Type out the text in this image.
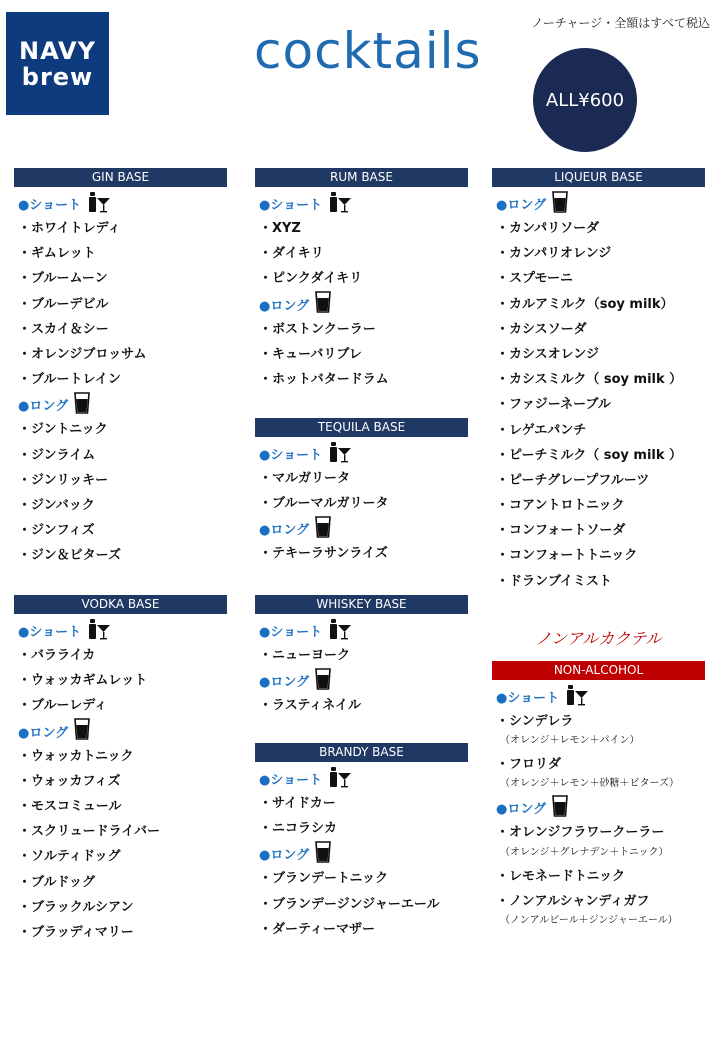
NAVY
brew	cocktails	ノーチャージ・全額はすべて税込
ALL¥600
GIN BASE
●ショート
・ホワイトレディ
・ギムレット
・ブルームーン
・ブルーデビル
・スカイ＆シー
・オレンジブロッサム
・ブルートレイン
●ロング
・ジントニック
・ジンライム
・ジンリッキー
・ジンバック
・ジンフィズ
・ジン＆ビターズ
RUM BASE
●ショート
・XYZ
・ダイキリ
・ピンクダイキリ
●ロング
・ボストンクーラー
・キューバリブレ
・ホットバタードラム
LIQUEUR BASE
●ロング
・カンパリソーダ
・カンパリオレンジ
・スプモーニ
・カルアミルク（soy milk）
・カシスソーダ
・カシスオレンジ
・カシスミルク（ soy milk ）
・ファジーネーブル
・レゲエパンチ
・ピーチミルク（ soy milk ）
・ピーチグレープフルーツ
・コアントロトニック
・コンフォートソーダ
・コンフォートトニック
・ドランブイミスト
TEQUILA BASE
●ショート
・マルガリータ
・ブルーマルガリータ
●ロング
・テキーラサンライズ
VODKA BASE
●ショート
・バラライカ
・ウォッカギムレット
・ブルーレディ
●ロング
・ウォッカトニック
・ウォッカフィズ
・モスコミュール
・スクリュードライバー
・ソルティドッグ
・ブルドッグ
・ブラックルシアン
・ブラッディマリー
WHISKEY BASE
●ショート
・ニューヨーク
●ロング
・ラスティネイル
BRANDY BASE
●ショート
・サイドカー
・ニコラシカ
●ロング
・ブランデートニック
・ブランデージンジャーエール
・ダーティーマザー
ノンアルカクテル
NON-ALCOHOL
●ショート
・シンデレラ
（オレンジ＋レモン＋パイン）
・フロリダ
（オレンジ＋レモン＋砂糖＋ビターズ）
●ロング
・オレンジフラワークーラー
（オレンジ＋グレナデン＋トニック）
・レモネードトニック
・ノンアルシャンディガフ
（ノンアルビール＋ジンジャーエール）
